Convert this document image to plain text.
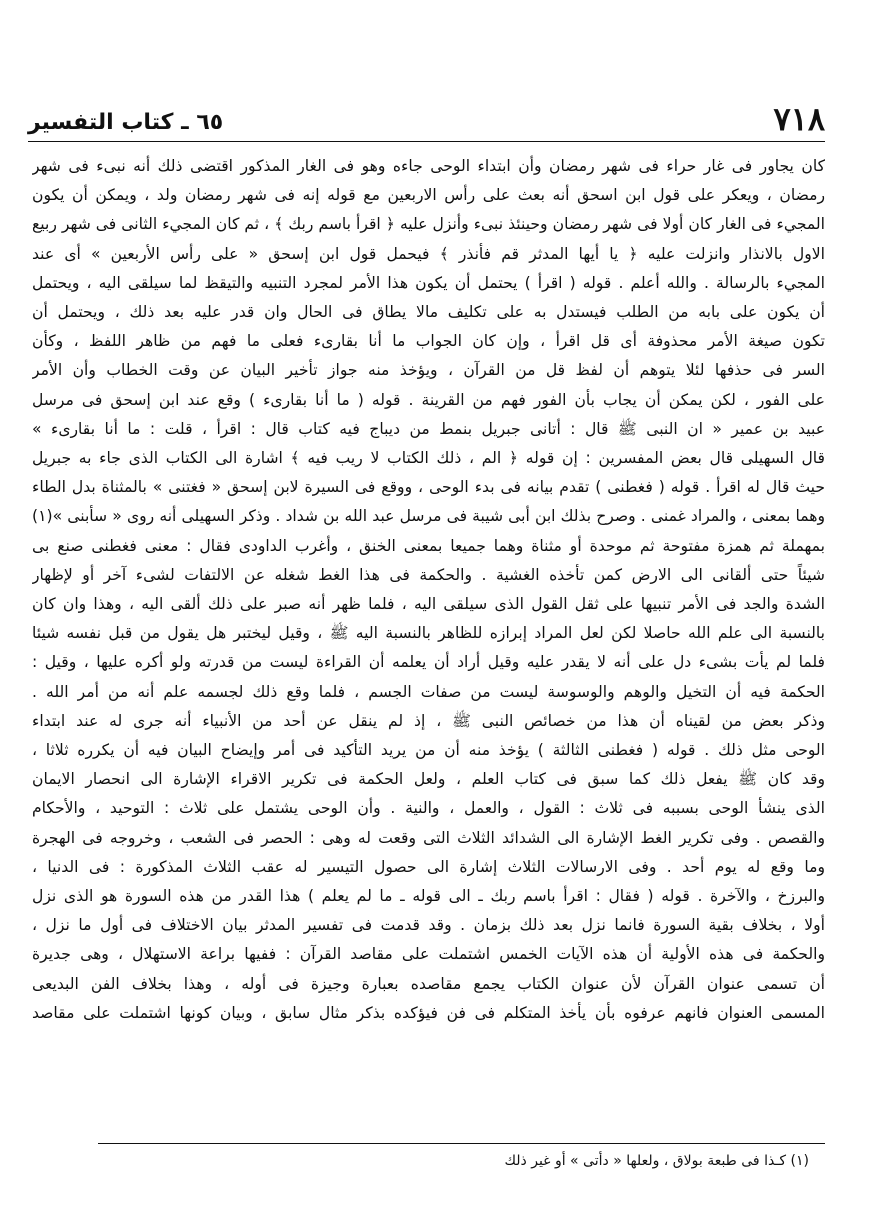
٧١٨
٦٥ ـ كتاب التفسير
كان يجاور فى غار حراء فى شهر رمضان وأن ابتداء الوحى جاءه وهو فى الغار المذكور اقتضى ذلك أنه نبىء فى شهر
رمضان ، ويعكر على قول ابن اسحق أنه بعث على رأس الاربعين مع قوله إنه فى شهر رمضان ولد ، ويمكن أن يكون
المجيء فى الغار كان أولا فى شهر رمضان وحينئذ نبىء وأنزل عليه ﴿ اقرأ باسم ربك ﴾ ، ثم كان المجيء الثانى فى شهر ربيع
الاول بالانذار وانزلت عليه ﴿ يا أيها المدثر قم فأنذر ﴾ فيحمل قول ابن إسحق « على رأس الأربعين » أى عند
المجيء بالرسالة . والله أعلم . قوله ( اقرأ ) يحتمل أن يكون هذا الأمر لمجرد التنبيه والتيقظ لما سيلقى اليه ، ويحتمل
أن يكون على بابه من الطلب فيستدل به على تكليف مالا يطاق فى الحال وان قدر عليه بعد ذلك ، ويحتمل أن
تكون صيغة الأمر محذوفة أى قل اقرأ ، وإن كان الجواب ما أنا بقارىء فعلى ما فهم من ظاهر اللفظ ، وكأن
السر فى حذفها لئلا يتوهم أن لفظ قل من القرآن ، ويؤخذ منه جواز تأخير البيان عن وقت الخطاب وأن الأمر
على الفور ، لكن يمكن أن يجاب بأن الفور فهم من القرينة . قوله ( ما أنا بقارىء ) وقع عند ابن إسحق فى مرسل
عبيد بن عمير « ان النبى ﷺ قال : أتانى جبريل بنمط من ديباج فيه كتاب قال : اقرأ ، قلت : ما أنا بقارىء »
قال السهيلى قال بعض المفسرين : إن قوله ﴿ الم ، ذلك الكتاب لا ريب فيه ﴾ اشارة الى الكتاب الذى جاء به جبريل
حيث قال له اقرأ . قوله ( فغطنى ) تقدم بيانه فى بدء الوحى ، ووقع فى السيرة لابن إسحق « فغتنى » بالمثناة بدل الطاء
وهما بمعنى ، والمراد غمنى . وصرح بذلك ابن أبى شيبة فى مرسل عبد الله بن شداد . وذكر السهيلى أنه روى « سأبنى »(١)
بمهملة ثم همزة مفتوحة ثم موحدة أو مثناة وهما جميعا بمعنى الخنق ، وأغرب الداودى فقال : معنى فغطنى صنع بى
شيئاً حتى ألقانى الى الارض كمن تأخذه الغشية . والحكمة فى هذا الغط شغله عن الالتفات لشىء آخر أو لإظهار
الشدة والجد فى الأمر تنبيها على ثقل القول الذى سيلقى اليه ، فلما ظهر أنه صبر على ذلك ألقى اليه ، وهذا وان كان
بالنسبة الى علم الله حاصلا لكن لعل المراد إبرازه للظاهر بالنسبة اليه ﷺ ، وقيل ليختبر هل يقول من قبل نفسه شيئا
فلما لم يأت بشىء دل على أنه لا يقدر عليه وقيل أراد أن يعلمه أن القراءة ليست من قدرته ولو أكره عليها ، وقيل :
الحكمة فيه أن التخيل والوهم والوسوسة ليست من صفات الجسم ، فلما وقع ذلك لجسمه علم أنه من أمر الله .
وذكر بعض من لقيناه أن هذا من خصائص النبى ﷺ ، إذ لم ينقل عن أحد من الأنبياء أنه جرى له عند ابتداء
الوحى مثل ذلك . قوله ( فغطنى الثالثة ) يؤخذ منه أن من يريد التأكيد فى أمر وإيضاح البيان فيه أن يكرره ثلاثا ،
وقد كان ﷺ يفعل ذلك كما سبق فى كتاب العلم ، ولعل الحكمة فى تكرير الاقراء الإشارة الى انحصار الايمان
الذى ينشأ الوحى بسببه فى ثلاث : القول ، والعمل ، والنية . وأن الوحى يشتمل على ثلاث : التوحيد ، والأحكام
والقصص . وفى تكرير الغط الإشارة الى الشدائد الثلاث التى وقعت له وهى : الحصر فى الشعب ، وخروجه فى الهجرة
وما وقع له يوم أحد . وفى الارسالات الثلاث إشارة الى حصول التيسير له عقب الثلاث المذكورة : فى الدنيا ،
والبرزخ ، والآخرة . قوله ( فقال : اقرأ باسم ربك ـ الى قوله ـ ما لم يعلم ) هذا القدر من هذه السورة هو الذى نزل
أولا ، بخلاف بقية السورة فانما نزل بعد ذلك بزمان . وقد قدمت فى تفسير المدثر بيان الاختلاف فى أول ما نزل ،
والحكمة فى هذه الأولية أن هذه الآيات الخمس اشتملت على مقاصد القرآن : ففيها براعة الاستهلال ، وهى جديرة
أن تسمى عنوان القرآن لأن عنوان الكتاب يجمع مقاصده بعبارة وجيزة فى أوله ، وهذا بخلاف الفن البديعى
المسمى العنوان فانهم عرفوه بأن يأخذ المتكلم فى فن فيؤكده بذكر مثال سابق ، وبيان كونها اشتملت على مقاصد
(١) كـذا فى طبعة بولاق ، ولعلها « دأتى » أو غير ذلك
